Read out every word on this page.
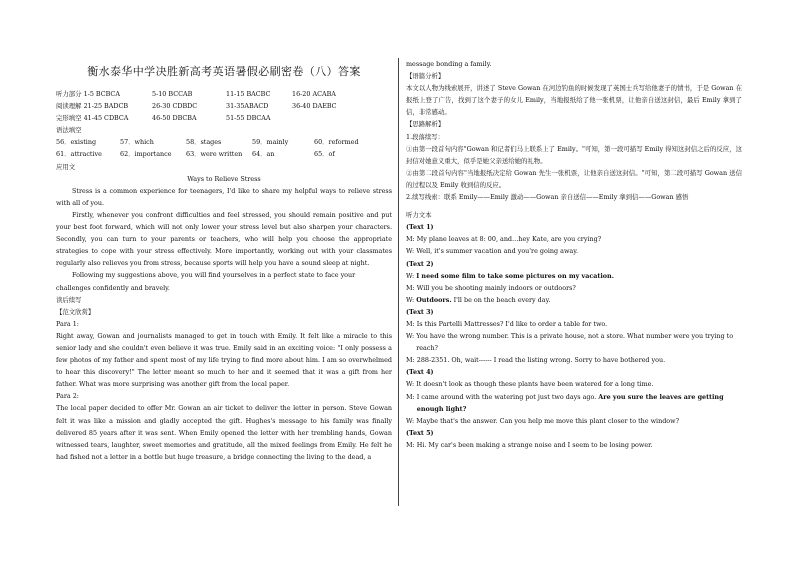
衡水泰华中学决胜新高考英语暑假必刷密卷（八）答案
听力部分 1-5 BCBCA	5-10 BCCAB	11-15 BACBC	16-20 ACABA
阅读理解 21-25 BADCB	26-30 CDBDC	31-35ABACD	36-40 DAEBC
完形填空 41-45 CDBCA	46-50 DBCBA	51-55 DBCAA
语法填空
56．existing	57．which	58．stages	59．mainly	60．reformed
61．attractive	62．importance	63．were written	64．an	65．of
应用文
Ways to Relieve Stress
Stress is a common experience for teenagers, I'd like to share my helpful ways to relieve stress with all of you.
Firstly, whenever you confront difficulties and feel stressed, you should remain positive and put your best foot forward, which will not only lower your stress level but also sharpen your characters. Secondly, you can turn to your parents or teachers, who will help you choose the appropriate strategies to cope with your stress effectively. More importantly, working out with your classmates regularly also relieves you from stress, because sports will help you have a sound sleep at night.
Following my suggestions above, you will find yourselves in a perfect state to face your
challenges confidently and bravely.
读后续写
【范文欣赏】
Para 1:
Right away, Gowan and journalists managed to get in touch with Emily. It felt like a miracle to this senior lady and she couldn't even believe it was true. Emily said in an exciting voice: "I only possess a few photos of my father and spent most of my life trying to find more about him. I am so overwhelmed to hear this discovery!" The letter meant so much to her and it seemed that it was a gift from her father. What was more surprising was another gift from the local paper.
Para 2:
The local paper decided to offer Mr. Gowan an air ticket to deliver the letter in person. Steve Gowan felt it was like a mission and gladly accepted the gift. Hughes's message to his family was finally delivered 85 years after it was sent. When Emily opened the letter with her trembling hands, Gowan witnessed tears, laughter, sweet memories and gratitude, all the mixed feelings from Emily. He felt he had fished not a letter in a bottle but huge treasure, a bridge connecting the living to the dead, a
message bonding a family.
【语篇分析】
本文以人物为线索展开，讲述了 Steve Gowan 在河边钓鱼的时候发现了英国士兵写给他妻子的情书，于是 Gowan 在报纸上登了广告，找到了这个妻子的女儿 Emily，当地报纸给了他一张机票，让他亲自送这封信，最后 Emily 拿到了信，非常感动。
【思路解析】
1.段落续写：
①由第一段首句内容"Gowan 和记者们马上联系上了 Emily。"可知，第一段可描写 Emily 得知这封信之后的反应，这封信对她意义重大，似乎是她父亲送给她的礼物。
②由第二段首句内容"当地报纸决定给 Gowan 先生一张机票，让他亲自送这封信。"可知，第二段可描写 Gowan 送信的过程以及 Emily 收到信的反应。
2.续写线索：联系 Emily——Emily 激动——Gowan 亲自送信——Emily 拿到信——Gowan 感悟
听力文本
(Text 1)
M:
My plane leaves at 8: 00, and…hey Kate, are you crying?
W:
Well, it's summer vacation and you're going away.
(Text 2)
W:
I need some film to take some pictures on my vacation.
M:
Will you be shooting mainly indoors or outdoors?
W:
Outdoors. I'll be on the beach every day.
(Text 3)
M:
Is this Partelli Mattresses? I'd like to order a table for two.
W:
You have the wrong number. This is a private house, not a store. What number were you trying to reach?
M:
288-2351. Oh, wait------ I read the listing wrong. Sorry to have bothered you.
(Text 4)
W:
It doesn't look as though these plants have been watered for a long time.
M:
I came around with the watering pot just two days ago. Are you sure the leaves are getting enough light?
W:
Maybe that's the answer. Can you help me move this plant closer to the window?
(Text 5)
M:
Hi. My car's been making a strange noise and I seem to be losing power.
